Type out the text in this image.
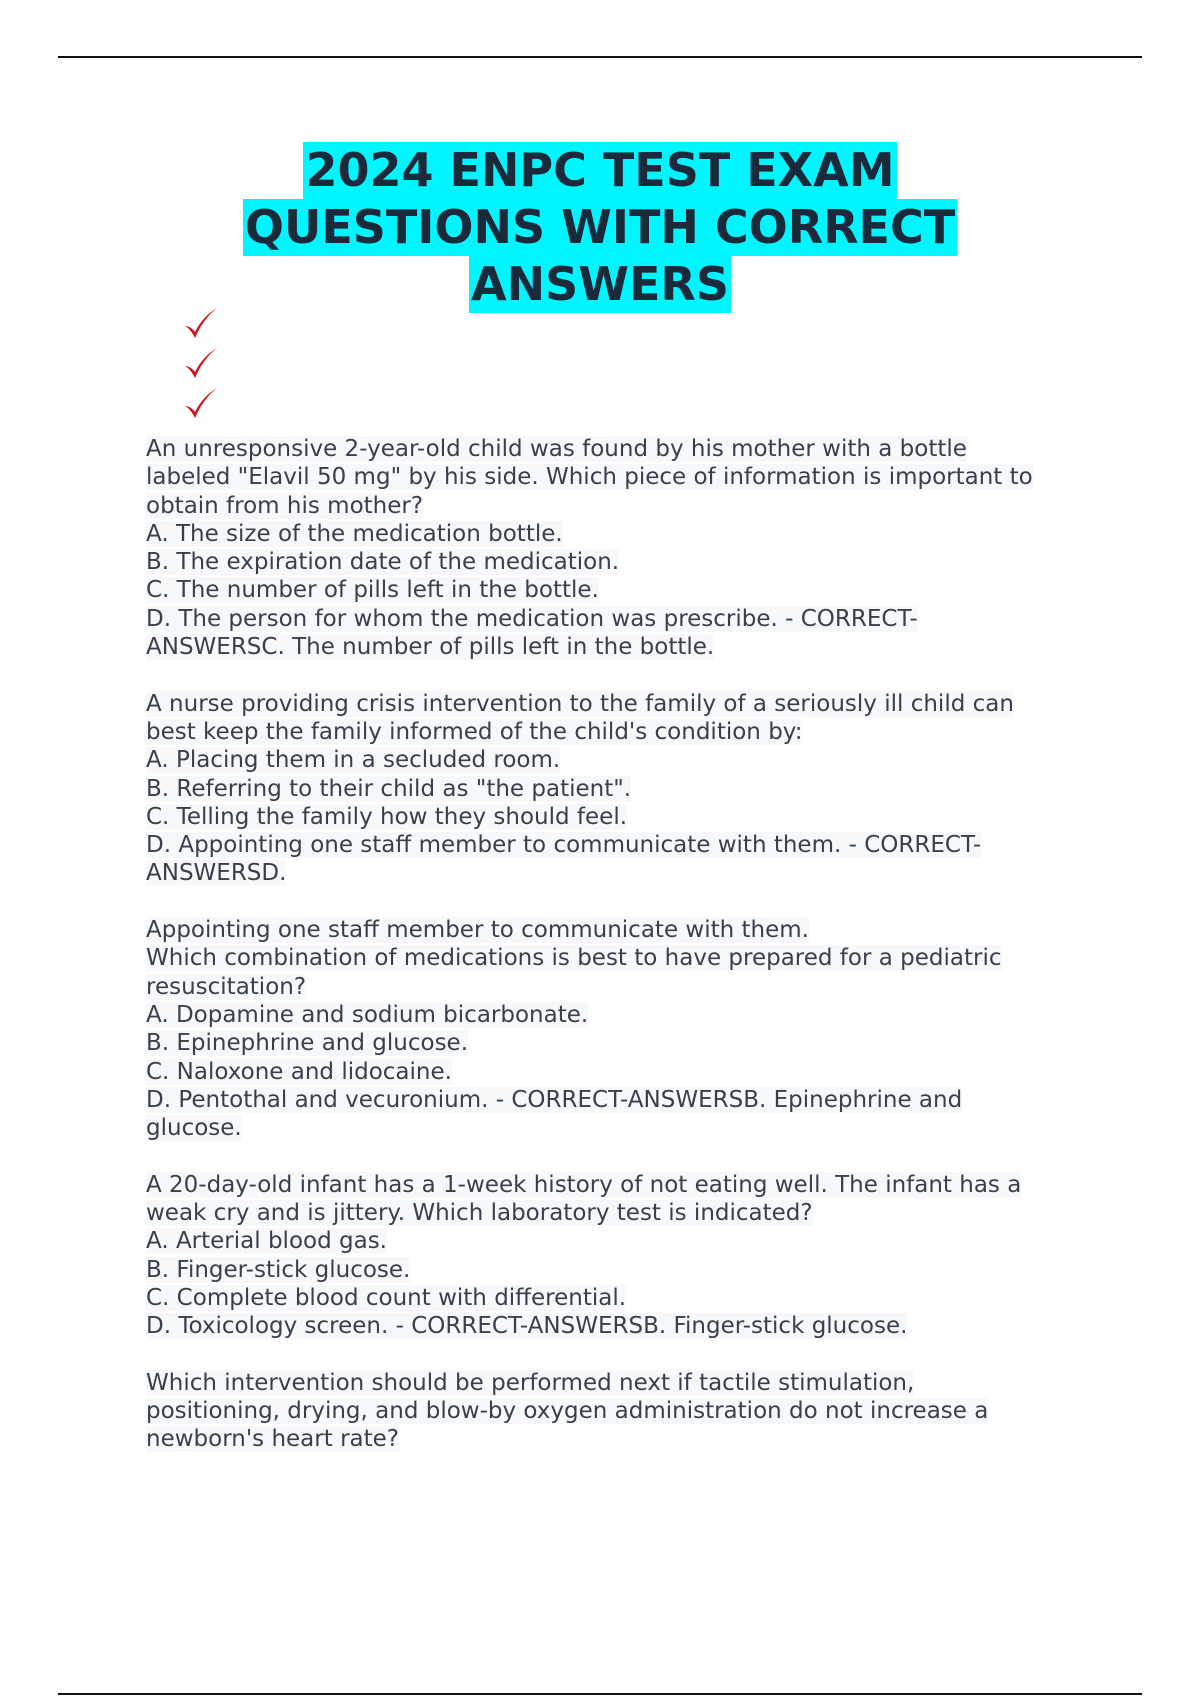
2024 ENPC TEST EXAM
QUESTIONS WITH CORRECT
ANSWERS
An unresponsive 2-year-old child was found by his mother with a bottle
labeled "Elavil 50 mg" by his side. Which piece of information is important to
obtain from his mother?
A. The size of the medication bottle.
B. The expiration date of the medication.
C. The number of pills left in the bottle.
D. The person for whom the medication was prescribe. - CORRECT-
ANSWERSC. The number of pills left in the bottle.
A nurse providing crisis intervention to the family of a seriously ill child can
best keep the family informed of the child's condition by:
A. Placing them in a secluded room.
B. Referring to their child as "the patient".
C. Telling the family how they should feel.
D. Appointing one staff member to communicate with them. - CORRECT-
ANSWERSD.
Appointing one staff member to communicate with them.
Which combination of medications is best to have prepared for a pediatric
resuscitation?
A. Dopamine and sodium bicarbonate.
B. Epinephrine and glucose.
C. Naloxone and lidocaine.
D. Pentothal and vecuronium. - CORRECT-ANSWERSB. Epinephrine and
glucose.
A 20-day-old infant has a 1-week history of not eating well. The infant has a
weak cry and is jittery. Which laboratory test is indicated?
A. Arterial blood gas.
B. Finger-stick glucose.
C. Complete blood count with differential.
D. Toxicology screen. - CORRECT-ANSWERSB. Finger-stick glucose.
Which intervention should be performed next if tactile stimulation,
positioning, drying, and blow-by oxygen administration do not increase a
newborn's heart rate?
